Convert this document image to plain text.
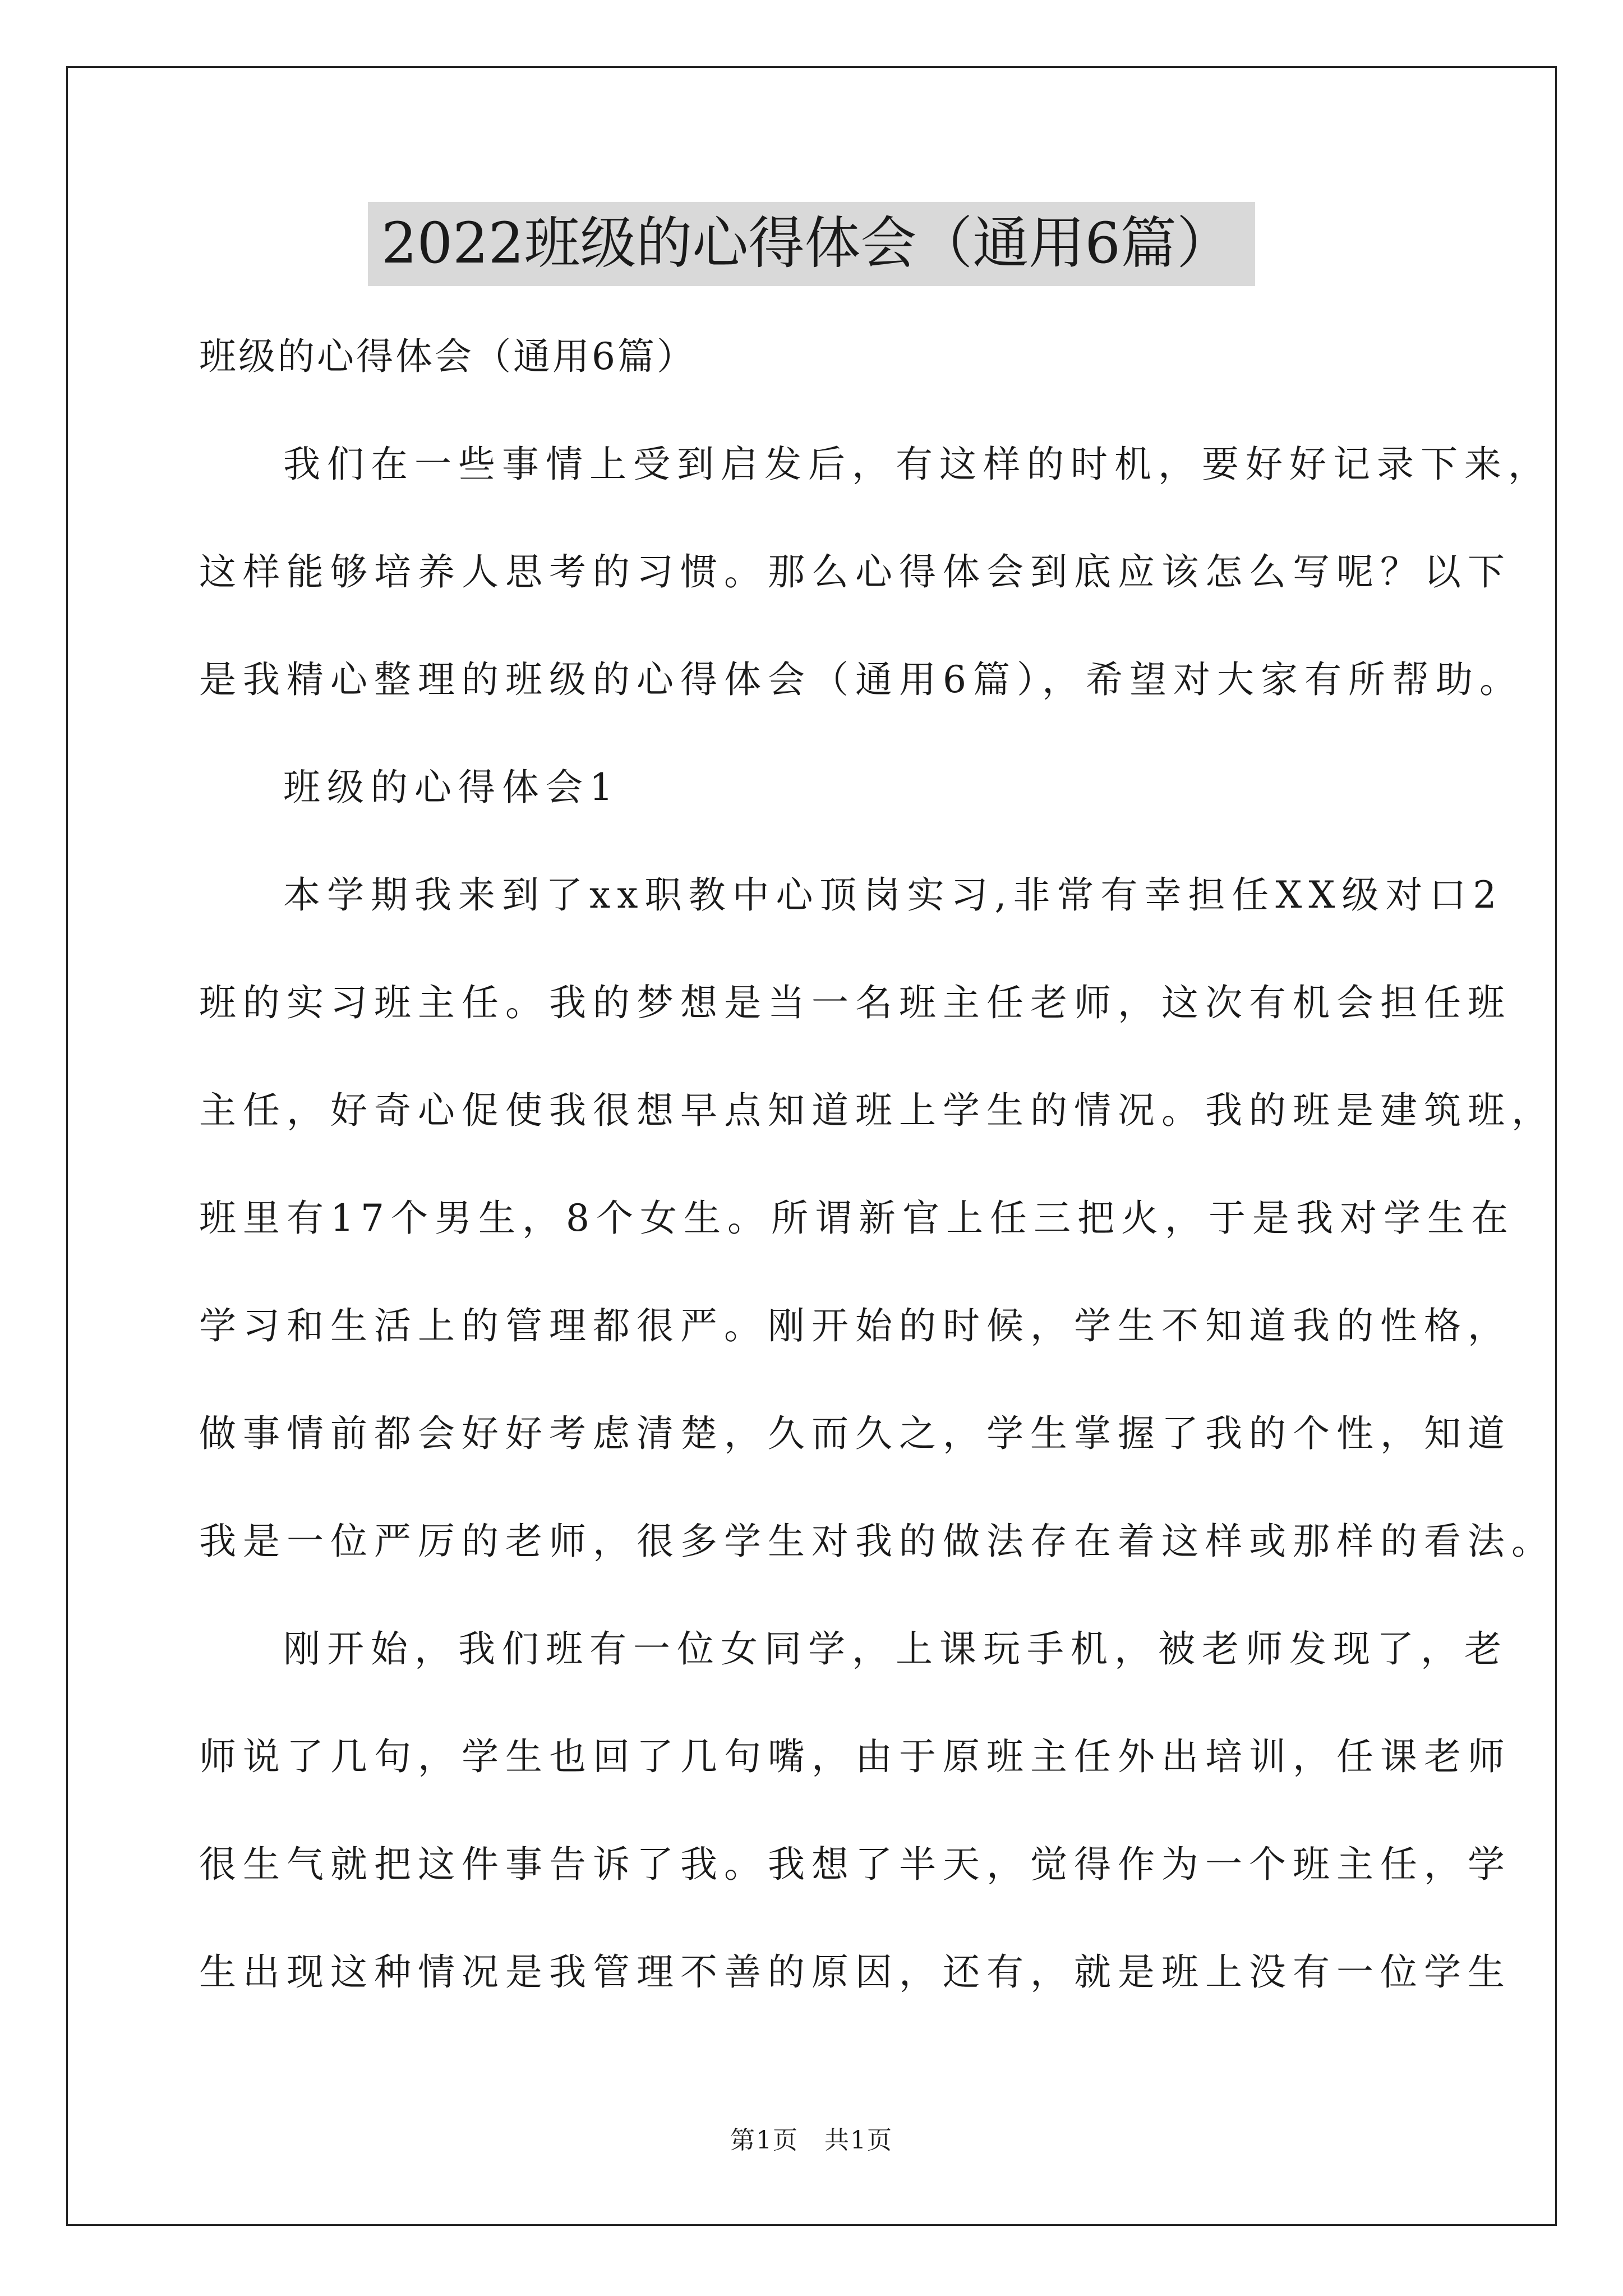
2022班级的心得体会（通用6篇）
班级的心得体会（通用6篇）
我们在一些事情上受到启发后，有这样的时机，要好好记录下来，
这样能够培养人思考的习惯。那么心得体会到底应该怎么写呢？以下
是我精心整理的班级的心得体会（通用6篇），希望对大家有所帮助。
班级的心得体会1
本学期我来到了xx职教中心顶岗实习,非常有幸担任XX级对口2
班的实习班主任。我的梦想是当一名班主任老师，这次有机会担任班
主任，好奇心促使我很想早点知道班上学生的情况。我的班是建筑班，
班里有17个男生，8个女生。所谓新官上任三把火，于是我对学生在
学习和生活上的管理都很严。刚开始的时候，学生不知道我的性格，
做事情前都会好好考虑清楚，久而久之，学生掌握了我的个性，知道
我是一位严厉的老师，很多学生对我的做法存在着这样或那样的看法。
刚开始，我们班有一位女同学，上课玩手机，被老师发现了，老
师说了几句，学生也回了几句嘴，由于原班主任外出培训，任课老师
很生气就把这件事告诉了我。我想了半天，觉得作为一个班主任，学
生出现这种情况是我管理不善的原因，还有，就是班上没有一位学生
第1页　共1页
